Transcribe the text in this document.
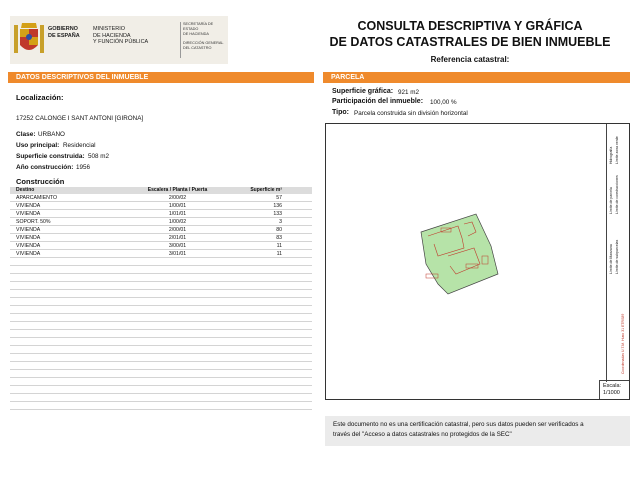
GOBIERNO
DE ESPAÑA
MINISTERIO
DE HACIENDA
Y FUNCIÓN PÚBLICA
SECRETARÍA DE ESTADO
DE HACIENDA
DIRECCIÓN GENERAL
DEL CATASTRO
CONSULTA DESCRIPTIVA Y GRÁFICA
DE DATOS CATASTRALES DE BIEN INMUEBLE
Referencia catastral:
DATOS DESCRIPTIVOS DEL INMUEBLE	PARCELA
Localización:
17252 CALONGE I SANT ANTONI [GIRONA]
Clase: URBANO
Uso principal: Residencial
Superficie construida: 508 m2
Año construcción: 1956
Construcción
Destino	Escalera / Planta / Puerta	Superficie m²
APARCAMIENTO	2/00/02	57
VIVIENDA	1/00/01	136
VIVIENDA	1/01/01	133
SOPORT. 50%	1/00/02	3
VIVIENDA	2/00/01	80
VIVIENDA	2/01/01	83
VIVIENDA	3/00/01	11
VIVIENDA	3/01/01	11
Superficie gráfica: 921 m2
Participación del inmueble: 100,00 %
Tipo: Parcela construida sin división horizontal
Límite de parcela Límite de construcciones
Hidrografía Límite zona verde
Límite de Manzana Límite de subparcelas
Coordenadas U.T.M. Huso 31 ETRS89
Escala:
1/1000
Este documento no es una certificación catastral, pero sus datos pueden ser verificados a
través del "Acceso a datos catastrales no protegidos de la SEC"
